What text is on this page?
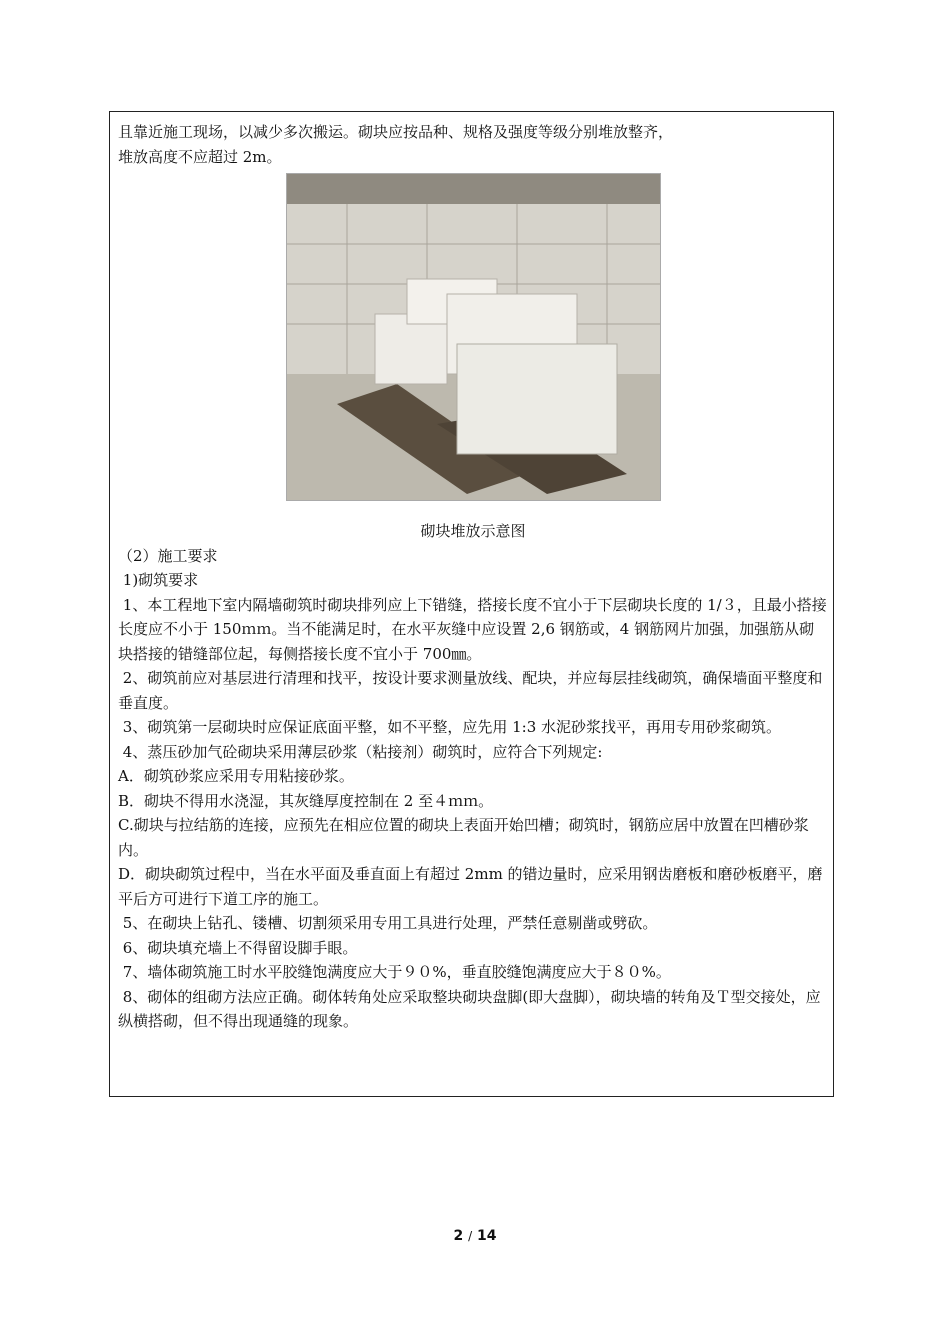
且靠近施工现场，以减少多次搬运。砌块应按品种、规格及强度等级分别堆放整齐，

堆放高度不应超过 2m。

砌块堆放示意图

（2）施工要求

1)砌筑要求

1、本工程地下室内隔墙砌筑时砌块排列应上下错缝，搭接长度不宜小于下层砌块长度的 1/３，且最小搭接长度应不小于 150ｍｍ。当不能满足时，在水平灰缝中应设置 2,6 钢筋或，4 钢筋网片加强，加强筋从砌块搭接的错缝部位起，每侧搭接长度不宜小于 700㎜。

2、砌筑前应对基层进行清理和找平，按设计要求测量放线、配块，并应每层挂线砌筑，确保墙面平整度和垂直度。

3、砌筑第一层砌块时应保证底面平整，如不平整，应先用 1:3 水泥砂浆找平，再用专用砂浆砌筑。

4、蒸压砂加气砼砌块采用薄层砂浆（粘接剂）砌筑时，应符合下列规定:

A．砌筑砂浆应采用专用粘接砂浆。

B．砌块不得用水浇湿，其灰缝厚度控制在 2 至４ｍｍ。

C.砌块与拉结筋的连接，应预先在相应位置的砌块上表面开始凹槽；砌筑时，钢筋应居中放置在凹槽砂浆内。

D．砌块砌筑过程中，当在水平面及垂直面上有超过 2mm 的错边量时，应采用钢齿磨板和磨砂板磨平，磨平后方可进行下道工序的施工。

5、在砌块上钻孔、镂槽、切割须采用专用工具进行处理，严禁任意剔凿或劈砍。

6、砌块填充墙上不得留设脚手眼。

7、墙体砌筑施工时水平胶缝饱满度应大于９０%，垂直胶缝饱满度应大于８０%。

8、砌体的组砌方法应正确。砌体转角处应采取整块砌块盘脚(即大盘脚），砌块墙的转角及Ｔ型交接处，应纵横搭砌，但不得出现通缝的现象。

2 / 14
